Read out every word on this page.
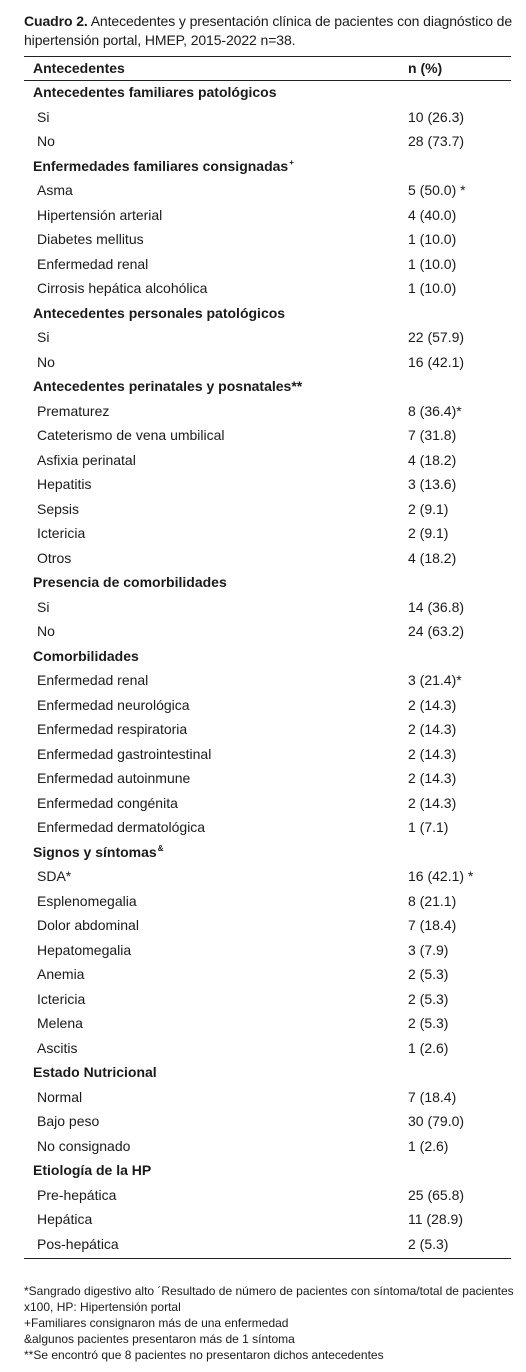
Cuadro 2. Antecedentes y presentación clínica de pacientes con diagnóstico de hipertensión portal, HMEP, 2015-2022 n=38.
Antecedentes	n (%)
Antecedentes familiares patológicos
Si	10 (26.3)
No	28 (73.7)
Enfermedades familiares consignadas+
Asma	5 (50.0) *
Hipertensión arterial	4 (40.0)
Diabetes mellitus	1 (10.0)
Enfermedad renal	1 (10.0)
Cirrosis hepática alcohólica	1 (10.0)
Antecedentes personales patológicos
Si	22 (57.9)
No	16 (42.1)
Antecedentes perinatales y posnatales**
Prematurez	8 (36.4)*
Cateterismo de vena umbilical	7 (31.8)
Asfixia perinatal	4 (18.2)
Hepatitis	3 (13.6)
Sepsis	2 (9.1)
Ictericia	2 (9.1)
Otros	4 (18.2)
Presencia de comorbilidades
Si	14 (36.8)
No	24 (63.2)
Comorbilidades
Enfermedad renal	3 (21.4)*
Enfermedad neurológica	2 (14.3)
Enfermedad respiratoria	2 (14.3)
Enfermedad gastrointestinal	2 (14.3)
Enfermedad autoinmune	2 (14.3)
Enfermedad congénita	2 (14.3)
Enfermedad dermatológica	1 (7.1)
Signos y síntomas&
SDA*	16 (42.1) *
Esplenomegalia	8 (21.1)
Dolor abdominal	7 (18.4)
Hepatomegalia	3 (7.9)
Anemia	2 (5.3)
Ictericia	2 (5.3)
Melena	2 (5.3)
Ascitis	1 (2.6)
Estado Nutricional
Normal	7 (18.4)
Bajo peso	30 (79.0)
No consignado	1 (2.6)
Etiología de la HP
Pre-hepática	25 (65.8)
Hepática	11 (28.9)
Pos-hepática	2 (5.3)
*Sangrado digestivo alto ´Resultado de número de pacientes con síntoma/total de pacientes x100, HP: Hipertensión portal
+Familiares consignaron más de una enfermedad
&algunos pacientes presentaron más de 1 síntoma
**Se encontró que 8 pacientes no presentaron dichos antecedentes
